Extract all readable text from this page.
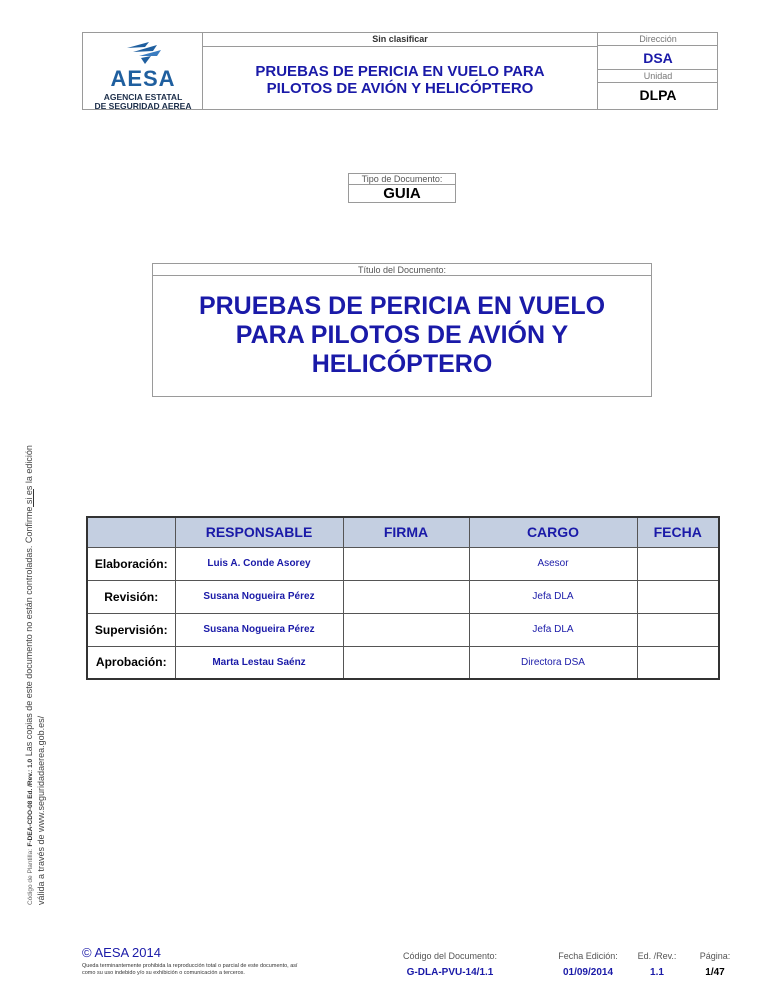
AESA
AGENCIA ESTATAL
DE SEGURIDAD AEREA
Sin clasificar
PRUEBAS DE PERICIA EN VUELO PARA
PILOTOS DE AVIÓN Y HELICÓPTERO
Dirección
DSA
Unidad
DLPA
Tipo de Documento:
GUIA
Título del Documento:
PRUEBAS DE PERICIA EN VUELO
PARA PILOTOS DE AVIÓN Y
HELICÓPTERO
Código de Plantilla: F-DEA-CDO-08 Ed. /Rev.: 1.0 Las copias de este documento no están controladas. Confirme si es la edición
válida a través de www.seguridadaerea.gob.es/
	RESPONSABLE	FIRMA	CARGO	FECHA
Elaboración:	Luis A. Conde Asorey		Asesor	
Revisión:	Susana Nogueira Pérez		Jefa DLA	
Supervisión:	Susana Nogueira Pérez		Jefa DLA	
Aprobación:	Marta Lestau Saénz		Directora DSA	
© AESA 2014
Queda terminantemente prohibida la reproducción total o parcial de este documento, así
como su uso indebido y/o su exhibición o comunicación a terceros.
Código del Documento:
G-DLA-PVU-14/1.1
Fecha Edición:
01/09/2014
Ed. /Rev.:
1.1
Página:
1/47
